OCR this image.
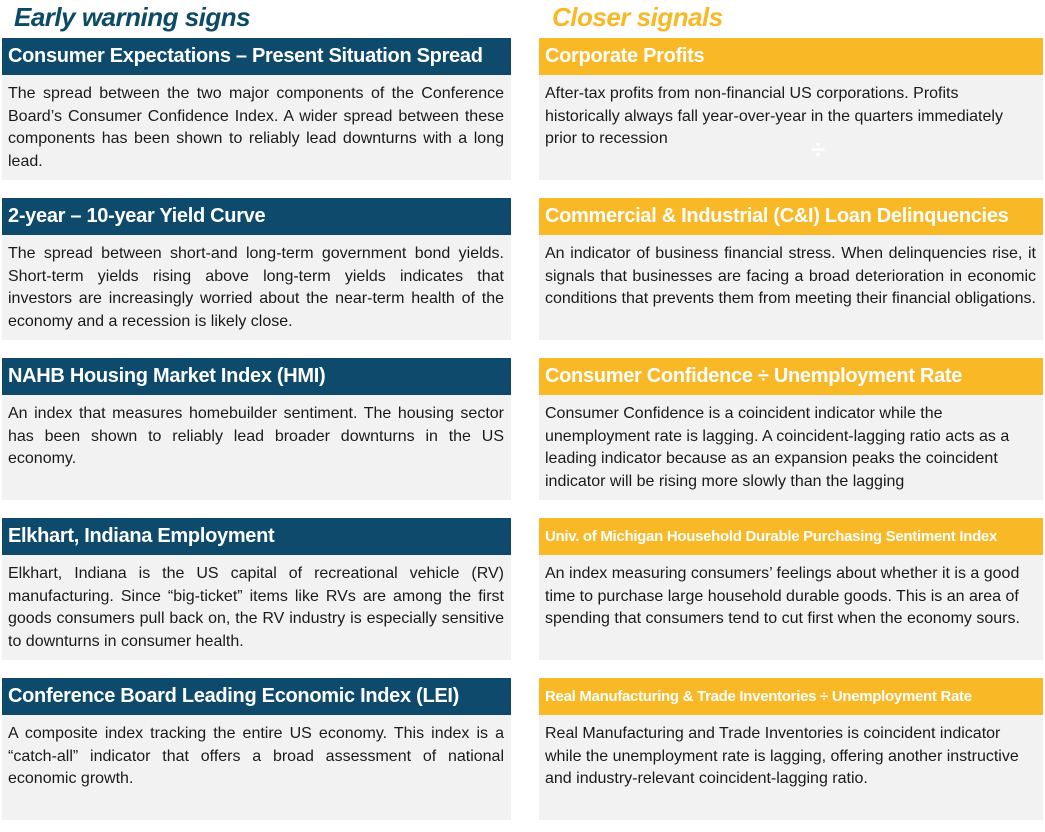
Early warning signs	Closer signals
Consumer Expectations – Present Situation Spread
The spread between the two major components of the Conference Board’s Consumer Confidence Index. A wider spread between these components has been shown to reliably lead downturns with a long lead.
2-year – 10-year Yield Curve
The spread between short-and long-term government bond yields. Short-term yields rising above long-term yields indicates that investors are increasingly worried about the near-term health of the economy and a recession is likely close.
NAHB Housing Market Index (HMI)
An index that measures homebuilder sentiment. The housing sector has been shown to reliably lead broader downturns in the US economy.
Elkhart, Indiana Employment
Elkhart, Indiana is the US capital of recreational vehicle (RV) manufacturing. Since “big-ticket” items like RVs are among the first goods consumers pull back on, the RV industry is especially sensitive to downturns in consumer health.
Conference Board Leading Economic Index (LEI)
A composite index tracking the entire US economy. This index is a “catch-all” indicator that offers a broad assessment of national economic growth.
Corporate Profits
After-tax profits from non-financial US corporations. Profits historically always fall year-over-year in the quarters immediately prior to recession
Commercial & Industrial (C&I) Loan Delinquencies
An indicator of business financial stress. When delinquencies rise, it signals that businesses are facing a broad deterioration in economic conditions that prevents them from meeting their financial obligations.
Consumer Confidence ÷ Unemployment Rate
Consumer Confidence is a coincident indicator while the unemployment rate is lagging. A coincident-lagging ratio acts as a leading indicator because as an expansion peaks the coincident indicator will be rising more slowly than the lagging
Univ. of Michigan Household Durable Purchasing Sentiment Index
An index measuring consumers’ feelings about whether it is a good time to purchase large household durable goods. This is an area of spending that consumers tend to cut first when the economy sours.
Real Manufacturing & Trade Inventories ÷ Unemployment Rate
Real Manufacturing and Trade Inventories is coincident indicator while the unemployment rate is lagging, offering another instructive and industry-relevant coincident-lagging ratio.
÷
